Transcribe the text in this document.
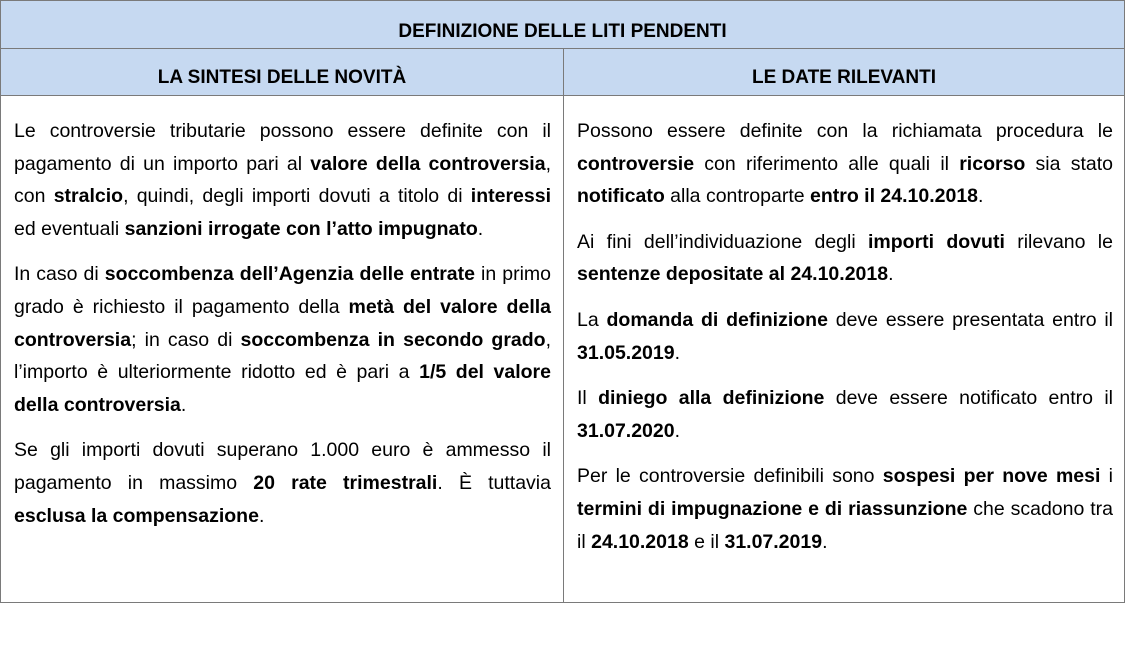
DEFINIZIONE DELLE LITI PENDENTI
LA SINTESI DELLE NOVITÀ	LE DATE RILEVANTI

Le controversie tributarie possono essere definite con il pagamento di un importo pari al valore della controversia, con stralcio, quindi, degli importi dovuti a titolo di interessi ed eventuali sanzioni irrogate con l’atto impugnato.

In caso di soccombenza dell’Agenzia delle entrate in primo grado è richiesto il pagamento della metà del valore della controversia; in caso di soccombenza in secondo grado, l’importo è ulteriormente ridotto ed è pari a 1/5 del valore della controversia.

Se gli importi dovuti superano 1.000 euro è ammesso il pagamento in massimo 20 rate trimestrali. È tuttavia esclusa la compensazione.

Possono essere definite con la richiamata procedura le controversie con riferimento alle quali il ricorso sia stato notificato alla controparte entro il 24.10.2018.

Ai fini dell’individuazione degli importi dovuti rilevano le sentenze depositate al 24.10.2018.

La domanda di definizione deve essere presentata entro il 31.05.2019.

Il diniego alla definizione deve essere notificato entro il 31.07.2020.

Per le controversie definibili sono sospesi per nove mesi i termini di impugnazione e di riassunzione che scadono tra il 24.10.2018 e il 31.07.2019.
